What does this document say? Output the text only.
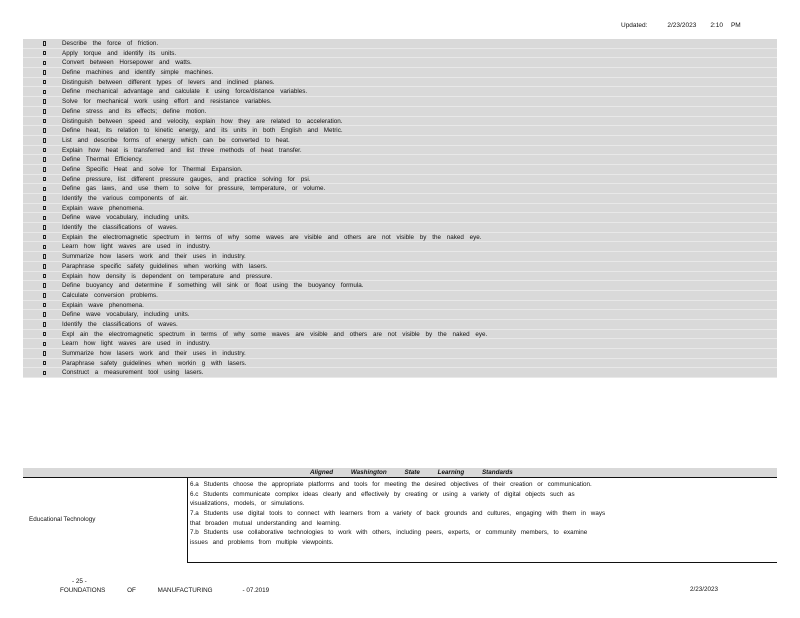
Updated:	2/23/2023 2:10 PM
Describe the force of friction.
Apply torque and identify its units.
Convert between Horsepower and watts.
Define machines and identify simple machines.
Distinguish between different types of levers and inclined planes.
Define mechanical advantage and calculate it using force/distance variables.
Solve for mechanical work using effort and resistance variables.
Define stress and its effects; define motion.
Distinguish between speed and velocity, explain how they are related to acceleration.
Define heat, its relation to kinetic energy, and its units in both English and Metric.
List and describe forms of energy which can be converted to heat.
Explain how heat is transferred and list three methods of heat transfer.
Define Thermal Efficiency.
Define Specific Heat and solve for Thermal Expansion.
Define pressure, list different pressure gauges, and practice solving for psi.
Define gas laws, and use them to solve for pressure, temperature, or volume.
Identify the various components of air.
Explain wave phenomena.
Define wave vocabulary, including units.
Identify the classifications of waves.
Explain the electromagnetic spectrum in terms of why some waves are visible and others are not visible by the naked eye.
Learn how light waves are used in industry.
Summarize how lasers work and their uses in industry.
Paraphrase specific safety guidelines when working with lasers.
Explain how density is dependent on temperature and pressure.
Define buoyancy and determine if something will sink or float using the buoyancy formula.
Calculate conversion problems.
Explain wave phenomena.
Define wave vocabulary, including units.
Identify the classifications of waves.
Expl ain the electromagnetic spectrum in terms of why some waves are visible and others are not visible by the naked eye.
Learn how light waves are used in industry.
Summarize how lasers work and their uses in industry.
Paraphrase safety guidelines when workin g with lasers.
Construct a measurement tool using lasers.
Aligned Washington State Learning Standards
Educational Technology
6.a Students choose the appropriate platforms and tools for meeting the desired objectives of their creation or communication.
6.c Students communicate complex ideas clearly and effectively by creating or using a variety of digital objects such as
visualizations, models, or simulations.
7.a Students use digital tools to connect with learners from a variety of back grounds and cultures, engaging with them in ways
that broaden mutual understanding and learning.
7.b Students use collaborative technologies to work with others, including peers, experts, or community members, to examine
issues and problems from multiple viewpoints.
- 25 -
FOUNDATIONS OF MANUFACTURING	- 07.2019	2/23/2023
